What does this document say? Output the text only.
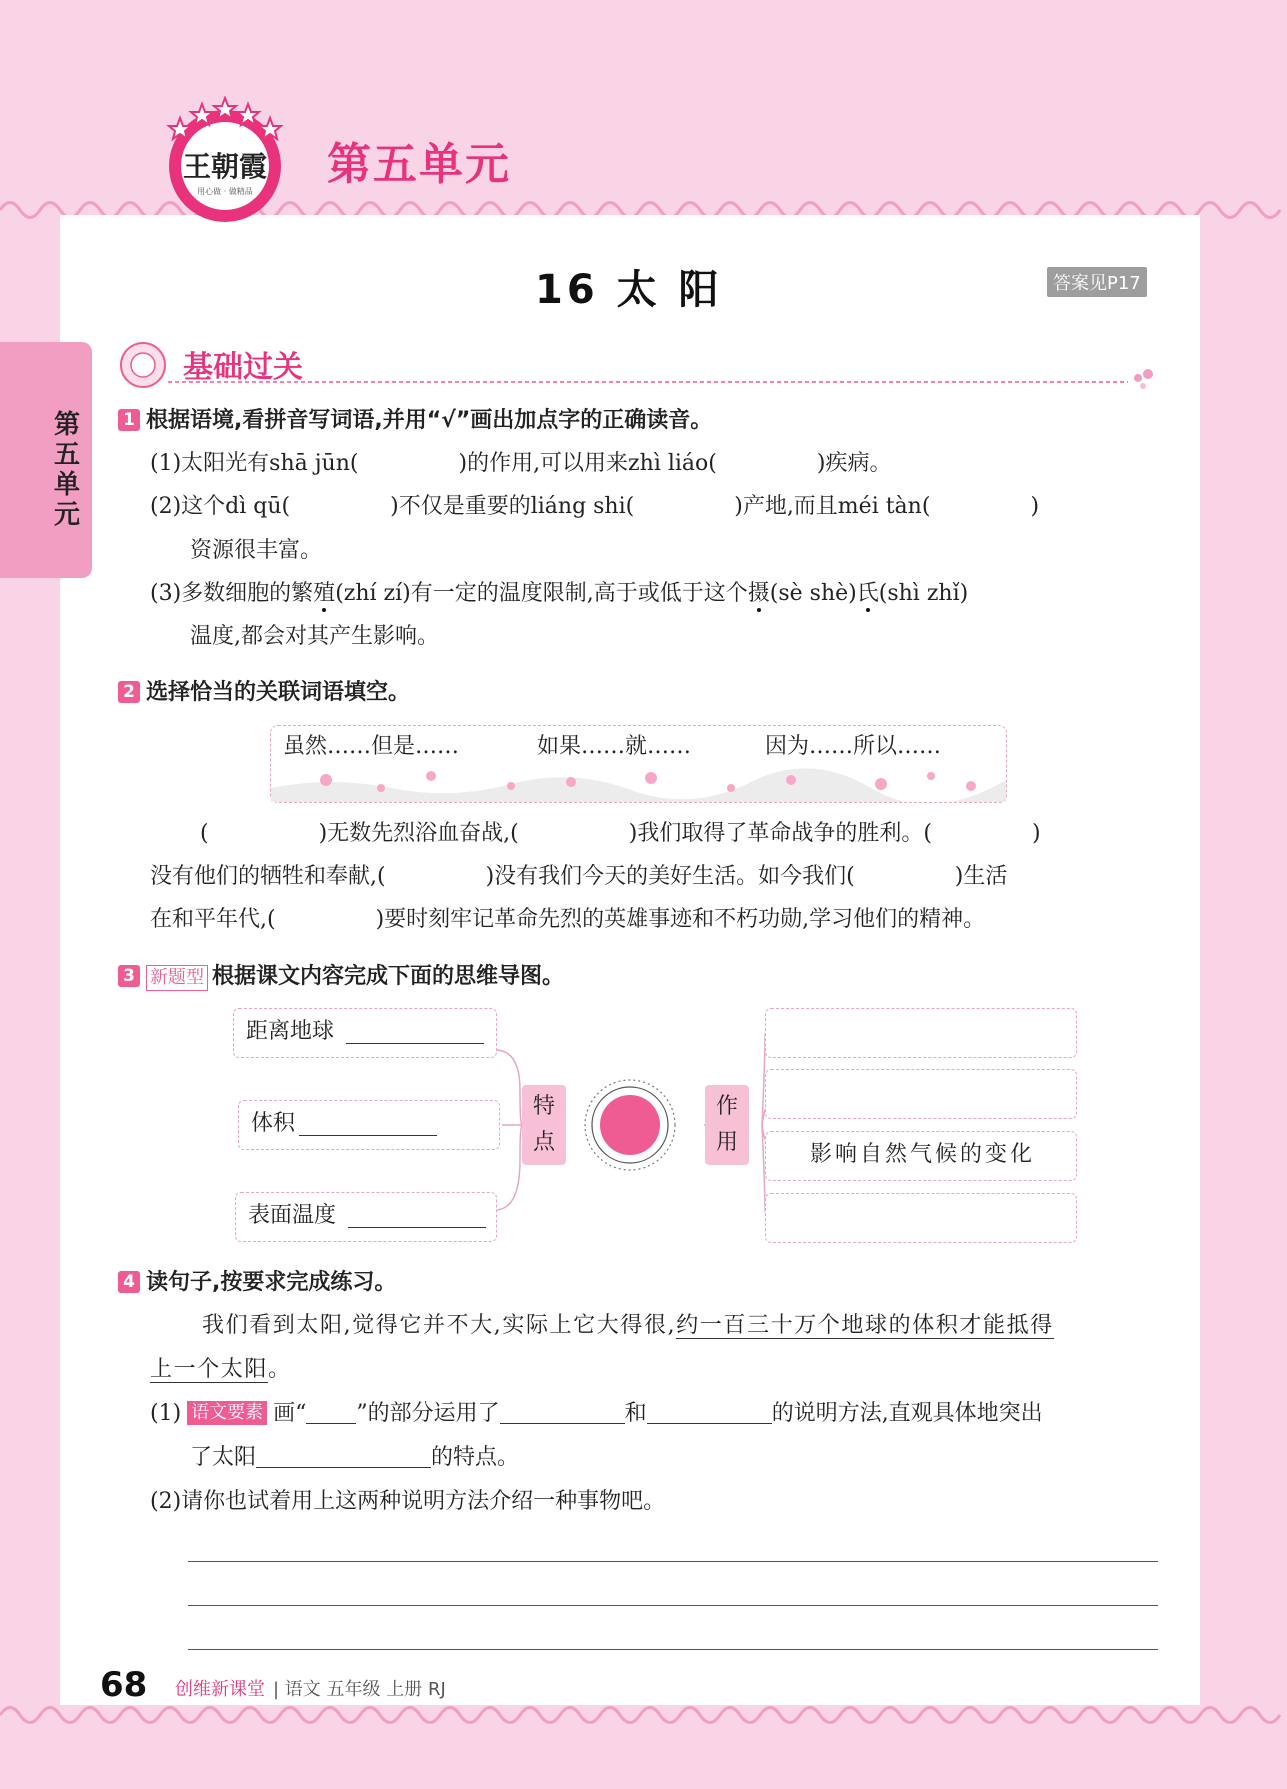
王朝霞
用心做 · 做精品
第五单元
第五单元
16 太 阳	答案见P17
基础过关
1 根据语境,看拼音写词语,并用“√”画出加点字的正确读音。
(1)太阳光有shā jūn(	)的作用,可以用来zhì liáo(	)疾病。
(2)这个dì qū(	)不仅是重要的liáng shi(	)产地,而且méi tàn(	)
资源很丰富。
(3)多数细胞的繁殖(zhí zí)有一定的温度限制,高于或低于这个摄(sè shè)氏(shì zhǐ)
温度,都会对其产生影响。
2 选择恰当的关联词语填空。
虽然……但是……	如果……就……	因为……所以……
(	)无数先烈浴血奋战,(	)我们取得了革命战争的胜利。(	)
没有他们的牺牲和奉献,(	)没有我们今天的美好生活。如今我们(	)生活
在和平年代,(	)要时刻牢记革命先烈的英雄事迹和不朽功勋,学习他们的精神。
3 新题型 根据课文内容完成下面的思维导图。
距离地球
体积
表面温度
特
点
作
用	影响自然气候的变化
4 读句子,按要求完成练习。
我们看到太阳,觉得它并不大,实际上它大得很,约一百三十万个地球的体积才能抵得
上一个太阳。
(1) 语文要素 画“ ”的部分运用了	和	的说明方法,直观具体地突出
了太阳	的特点。
(2)请你也试着用上这两种说明方法介绍一种事物吧。
68 创维新课堂 | 语文 五年级 上册 RJ
